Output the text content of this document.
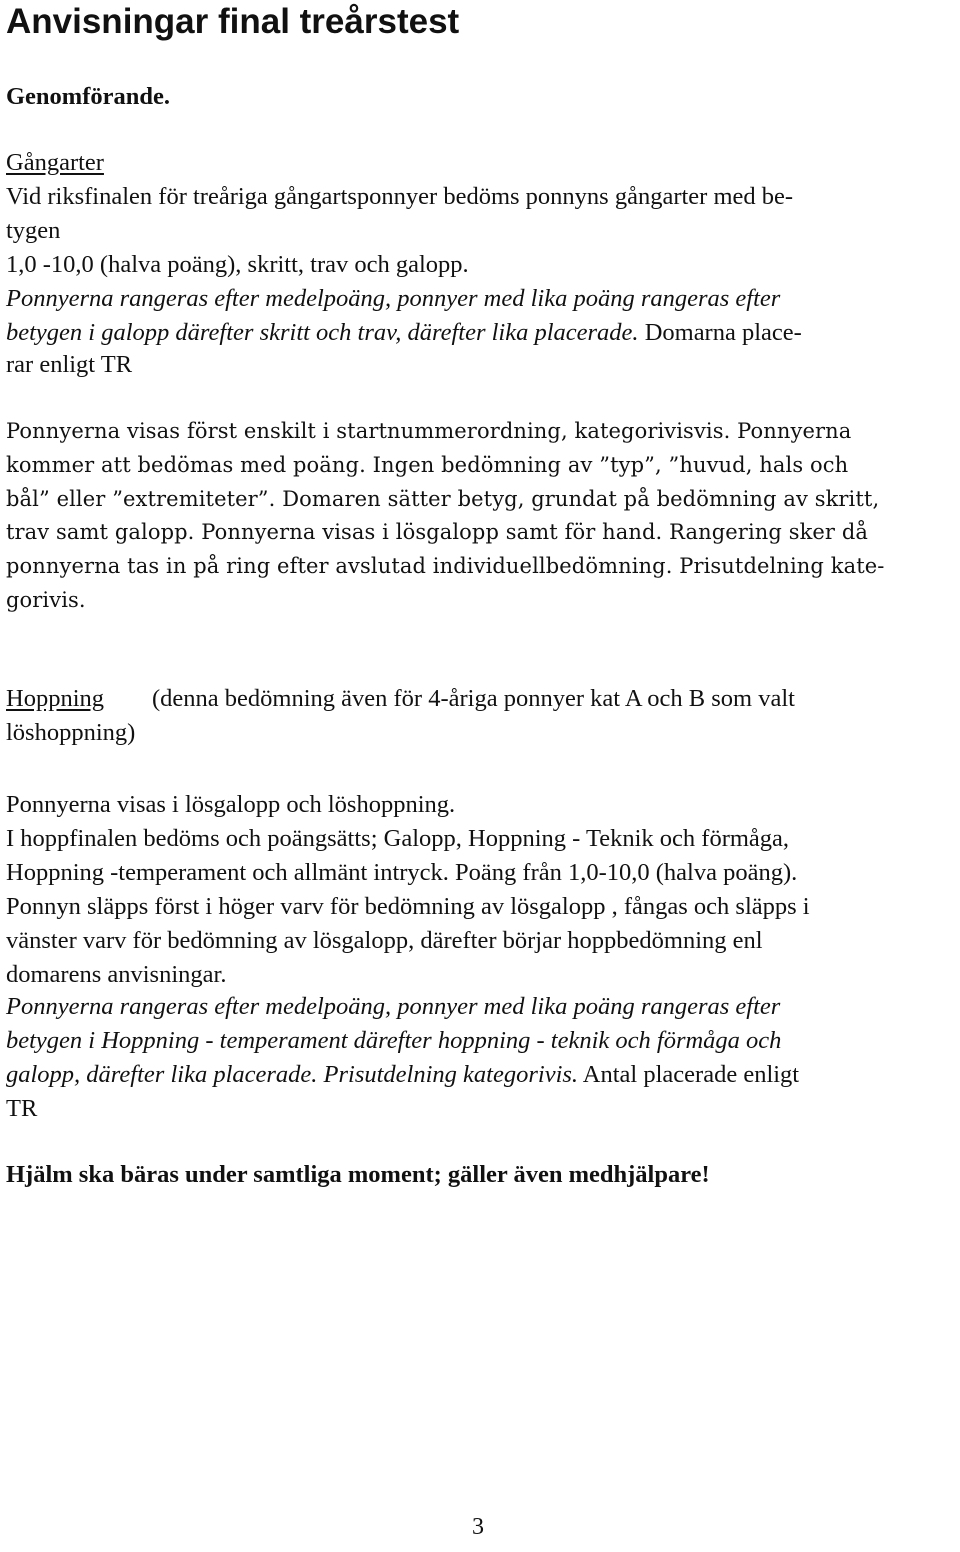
Anvisningar final treårstest

Genomförande.

Gångarter

Vid riksfinalen för treåriga gångartsponnyer bedöms ponnyns gångarter med be-

tygen

1,0 -10,0 (halva poäng), skritt, trav och galopp.

Ponnyerna rangeras efter medelpoäng, ponnyer med lika poäng rangeras efter

betygen i galopp därefter skritt och trav, därefter lika placerade. Domarna place-

rar enligt TR

Ponnyerna visas först enskilt i startnummerordning, kategorivisvis. Ponnyerna

kommer att bedömas med poäng. Ingen bedömning av ”typ”, ”huvud, hals och

bål” eller ”extremiteter”. Domaren sätter betyg, grundat på bedömning av skritt,

trav samt galopp. Ponnyerna visas i lösgalopp samt för hand. Rangering sker då

ponnyerna tas in på ring efter avslutad individuellbedömning. Prisutdelning kate-

gorivis.

Hoppning (denna bedömning även för 4-åriga ponnyer kat A och B som valt

löshoppning)

Ponnyerna visas i lösgalopp och löshoppning.

I hoppfinalen bedöms och poängsätts; Galopp, Hoppning - Teknik och förmåga,

Hoppning -temperament och allmänt intryck. Poäng från 1,0-10,0 (halva poäng).

Ponnyn släpps först i höger varv för bedömning av lösgalopp , fångas och släpps i

vänster varv för bedömning av lösgalopp, därefter börjar hoppbedömning enl

domarens anvisningar.

Ponnyerna rangeras efter medelpoäng, ponnyer med lika poäng rangeras efter

betygen i Hoppning - temperament därefter hoppning - teknik och förmåga och

galopp, därefter lika placerade. Prisutdelning kategorivis. Antal placerade enligt

TR

Hjälm ska bäras under samtliga moment; gäller även medhjälpare!

3
